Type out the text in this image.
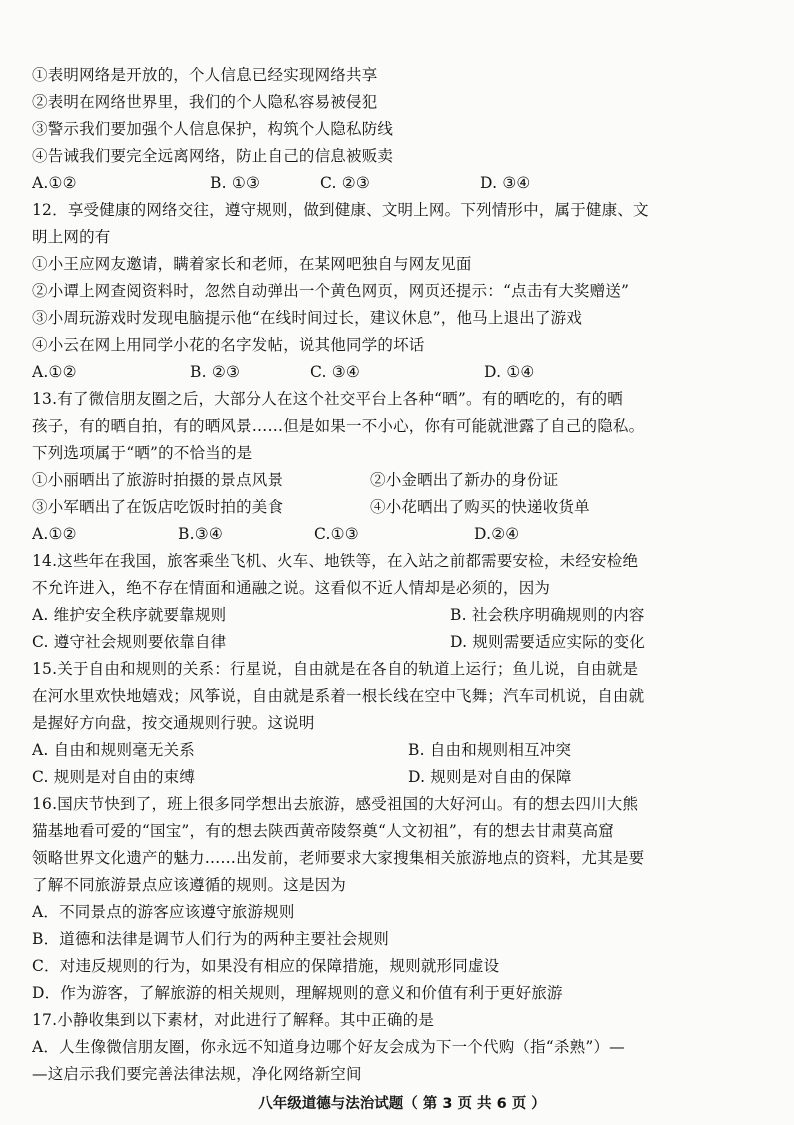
①表明网络是开放的，个人信息已经实现网络共享
②表明在网络世界里，我们的个人隐私容易被侵犯
③警示我们要加强个人信息保护，构筑个人隐私防线
④告诫我们要完全远离网络，防止自己的信息被贩卖
A.①②	B. ①③	C. ②③	D. ③④
12．享受健康的网络交往，遵守规则，做到健康、文明上网。下列情形中，属于健康、文
明上网的有
①小王应网友邀请，瞒着家长和老师，在某网吧独自与网友见面
②小谭上网查阅资料时，忽然自动弹出一个黄色网页，网页还提示：“点击有大奖赠送”
③小周玩游戏时发现电脑提示他“在线时间过长，建议休息”，他马上退出了游戏
④小云在网上用同学小花的名字发帖，说其他同学的坏话
A.①②	B. ②③	C. ③④	D. ①④
13.有了微信朋友圈之后，大部分人在这个社交平台上各种“晒”。有的晒吃的，有的晒
孩子，有的晒自拍，有的晒风景……但是如果一不小心，你有可能就泄露了自己的隐私。
下列选项属于“晒”的不恰当的是
①小丽晒出了旅游时拍摄的景点风景	②小金晒出了新办的身份证
③小军晒出了在饭店吃饭时拍的美食	④小花晒出了购买的快递收货单
A.①②	B.③④	C.①③	D.②④
14.这些年在我国，旅客乘坐飞机、火车、地铁等，在入站之前都需要安检，未经安检绝
不允许进入，绝不存在情面和通融之说。这看似不近人情却是必须的，因为
A. 维护安全秩序就要靠规则	B. 社会秩序明确规则的内容
C. 遵守社会规则要依靠自律	D. 规则需要适应实际的变化
15.关于自由和规则的关系：行星说，自由就是在各自的轨道上运行；鱼儿说，自由就是
在河水里欢快地嬉戏；风筝说，自由就是系着一根长线在空中飞舞；汽车司机说，自由就
是握好方向盘，按交通规则行驶。这说明
A. 自由和规则毫无关系	B. 自由和规则相互冲突
C. 规则是对自由的束缚	D. 规则是对自由的保障
16.国庆节快到了，班上很多同学想出去旅游，感受祖国的大好河山。有的想去四川大熊
猫基地看可爱的“国宝”，有的想去陕西黄帝陵祭奠“人文初祖”，有的想去甘肃莫高窟
领略世界文化遗产的魅力……出发前，老师要求大家搜集相关旅游地点的资料，尤其是要
了解不同旅游景点应该遵循的规则。这是因为
A．不同景点的游客应该遵守旅游规则
B．道德和法律是调节人们行为的两种主要社会规则
C．对违反规则的行为，如果没有相应的保障措施，规则就形同虚设
D．作为游客，了解旅游的相关规则，理解规则的意义和价值有利于更好旅游
17.小静收集到以下素材，对此进行了解释。其中正确的是
A．人生像微信朋友圈，你永远不知道身边哪个好友会成为下一个代购（指“杀熟”）—
—这启示我们要完善法律法规，净化网络新空间
八年级道德与法治试题（ 第 3 页 共 6 页 ）
